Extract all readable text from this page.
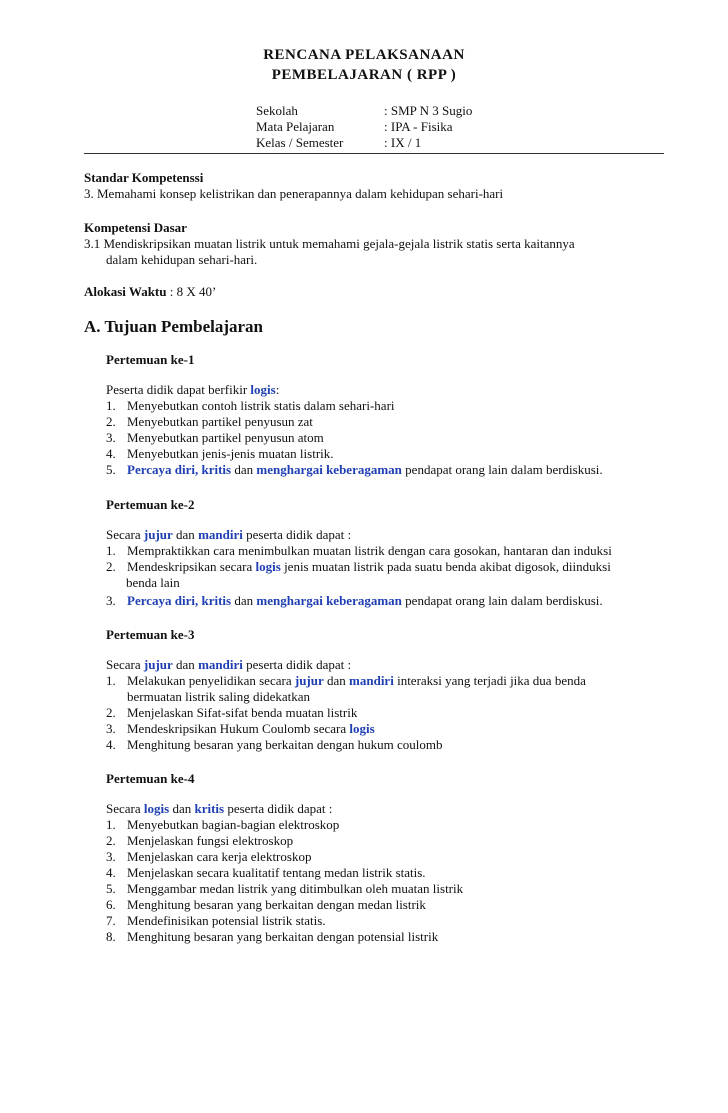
RENCANA PELAKSANAAN
PEMBELAJARAN ( RPP )
Sekolah	: SMP N 3 Sugio
Mata Pelajaran	: IPA - Fisika
Kelas / Semester	: IX / 1
Standar Kompetenssi
3. Memahami konsep kelistrikan dan penerapannya dalam kehidupan sehari-hari
Kompetensi Dasar
3.1 Mendiskripsikan muatan listrik untuk memahami gejala-gejala listrik statis serta kaitannya
dalam kehidupan sehari-hari.
Alokasi Waktu : 8 X 40’
A. Tujuan Pembelajaran
Pertemuan ke-1
Peserta didik dapat berfikir logis:
1. Menyebutkan contoh listrik statis dalam sehari-hari
2. Menyebutkan partikel penyusun zat
3. Menyebutkan partikel penyusun atom
4. Menyebutkan jenis-jenis muatan listrik.
5. Percaya diri, kritis dan menghargai keberagaman pendapat orang lain dalam berdiskusi.
Pertemuan ke-2
Secara jujur dan mandiri peserta didik dapat :
1. Mempraktikkan cara menimbulkan muatan listrik dengan cara gosokan, hantaran dan induksi
2. Mendeskripsikan secara logis jenis muatan listrik pada suatu benda akibat digosok, diinduksi
benda lain
3. Percaya diri, kritis dan menghargai keberagaman pendapat orang lain dalam berdiskusi.
Pertemuan ke-3
Secara jujur dan mandiri peserta didik dapat :
1. Melakukan penyelidikan secara jujur dan mandiri interaksi yang terjadi jika dua benda
bermuatan listrik saling didekatkan
2. Menjelaskan Sifat-sifat benda muatan listrik
3. Mendeskripsikan Hukum Coulomb secara logis
4. Menghitung besaran yang berkaitan dengan hukum coulomb
Pertemuan ke-4
Secara logis dan kritis peserta didik dapat :
1. Menyebutkan bagian-bagian elektroskop
2. Menjelaskan fungsi elektroskop
3. Menjelaskan cara kerja elektroskop
4. Menjelaskan secara kualitatif tentang medan listrik statis.
5. Menggambar medan listrik yang ditimbulkan oleh muatan listrik
6. Menghitung besaran yang berkaitan dengan medan listrik
7. Mendefinisikan potensial listrik statis.
8. Menghitung besaran yang berkaitan dengan potensial listrik
